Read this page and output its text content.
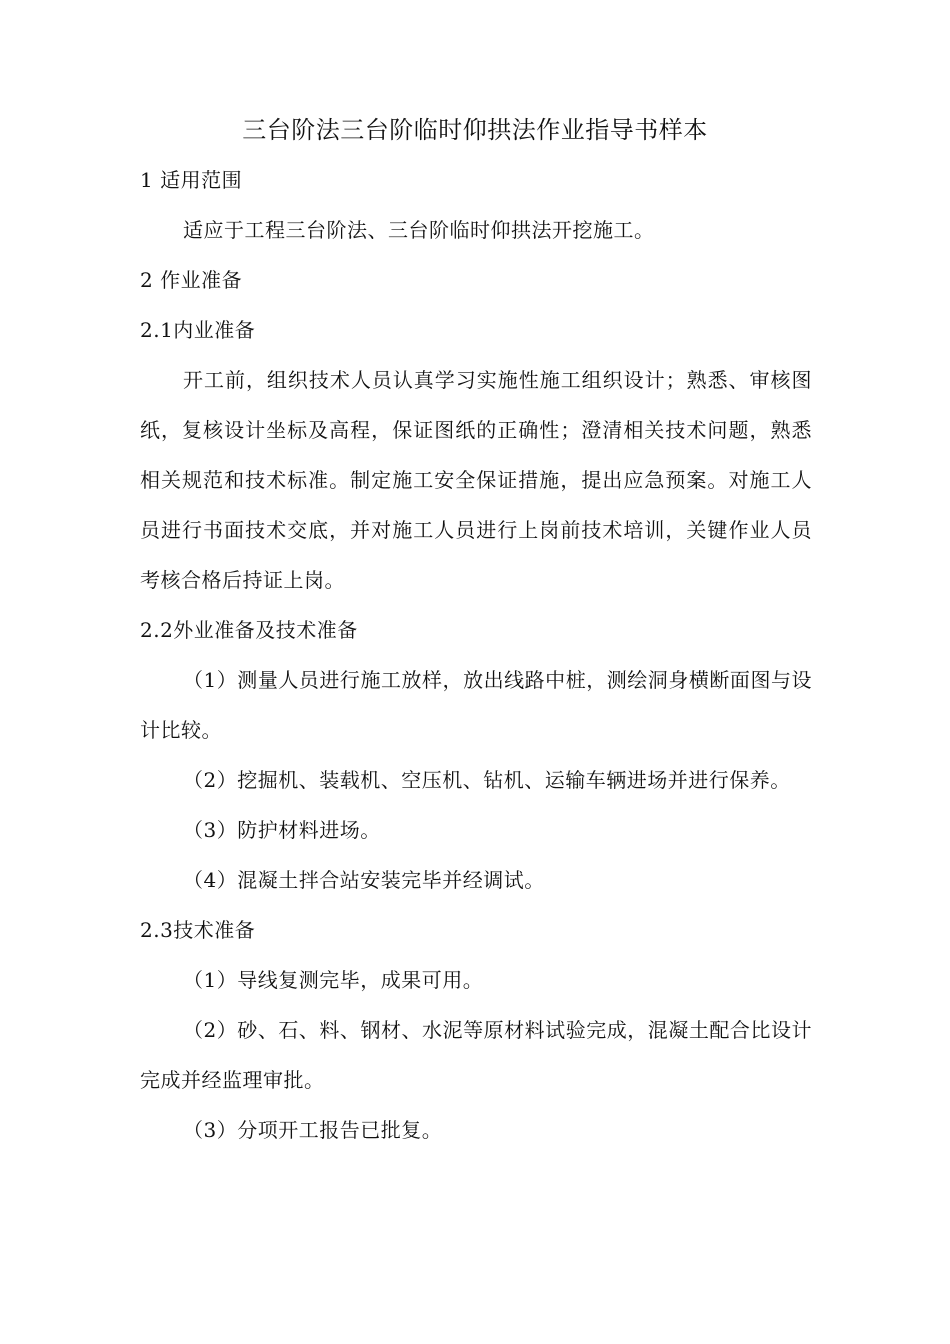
三台阶法三台阶临时仰拱法作业指导书样本
1 适用范围
适应于工程三台阶法、三台阶临时仰拱法开挖施工。
2 作业准备
2.1内业准备
开工前，组织技术人员认真学习实施性施工组织设计；熟悉、审核图纸，复核设计坐标及高程，保证图纸的正确性；澄清相关技术问题，熟悉相关规范和技术标准。制定施工安全保证措施，提出应急预案。对施工人员进行书面技术交底，并对施工人员进行上岗前技术培训，关键作业人员考核合格后持证上岗。
2.2外业准备及技术准备
（1）测量人员进行施工放样，放出线路中桩，测绘洞身横断面图与设计比较。
（2）挖掘机、装载机、空压机、钻机、运输车辆进场并进行保养。
（3）防护材料进场。
（4）混凝土拌合站安装完毕并经调试。
2.3技术准备
（1）导线复测完毕，成果可用。
（2）砂、石、料、钢材、水泥等原材料试验完成，混凝土配合比设计完成并经监理审批。
（3）分项开工报告已批复。
